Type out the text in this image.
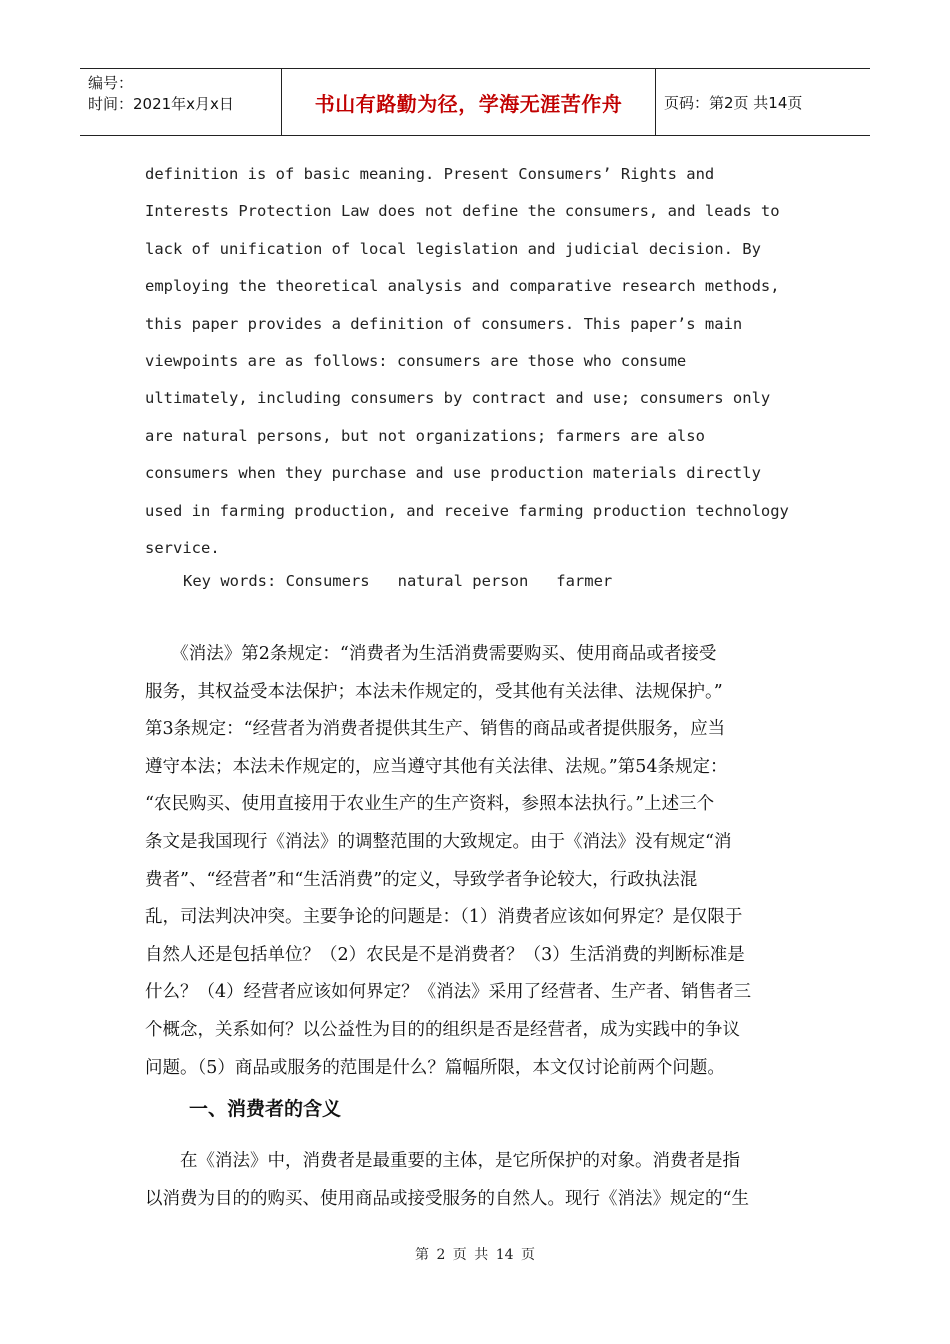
编号：
时间：2021年x月x日	书山有路勤为径，学海无涯苦作舟	页码：第2页 共14页

definition is of basic meaning. Present Consumers’ Rights and

Interests Protection Law does not define the consumers, and leads to

lack of unification of local legislation and judicial decision. By

employing the theoretical analysis and comparative research methods,

this paper provides a definition of consumers. This paper’s main

viewpoints are as follows: consumers are those who consume

ultimately, including consumers by contract and use; consumers only

are natural persons, but not organizations; farmers are also

consumers when they purchase and use production materials directly

used in farming production, and receive farming production technology

service.

Key words: Consumers   natural person   farmer
　　《消法》第2条规定：“消费者为生活消费需要购买、使用商品或者接受
服务，其权益受本法保护；本法未作规定的，受其他有关法律、法规保护。”
第3条规定：“经营者为消费者提供其生产、销售的商品或者提供服务，应当
遵守本法；本法未作规定的，应当遵守其他有关法律、法规。”第54条规定：
“农民购买、使用直接用于农业生产的生产资料，参照本法执行。”上述三个
条文是我国现行《消法》的调整范围的大致规定。由于《消法》没有规定“消
费者”、“经营者”和“生活消费”的定义，导致学者争论较大，行政执法混
乱，司法判决冲突。主要争论的问题是：（1）消费者应该如何界定？是仅限于
自然人还是包括单位？（2）农民是不是消费者？（3）生活消费的判断标准是
什么？（4）经营者应该如何界定？《消法》采用了经营者、生产者、销售者三
个概念，关系如何？以公益性为目的的组织是否是经营者，成为实践中的争议
问题。（5）商品或服务的范围是什么？篇幅所限，本文仅讨论前两个问题。
一、消费者的含义
　　在《消法》中，消费者是最重要的主体，是它所保护的对象。消费者是指
以消费为目的的购买、使用商品或接受服务的自然人。现行《消法》规定的“生
第 2 页 共 14 页
